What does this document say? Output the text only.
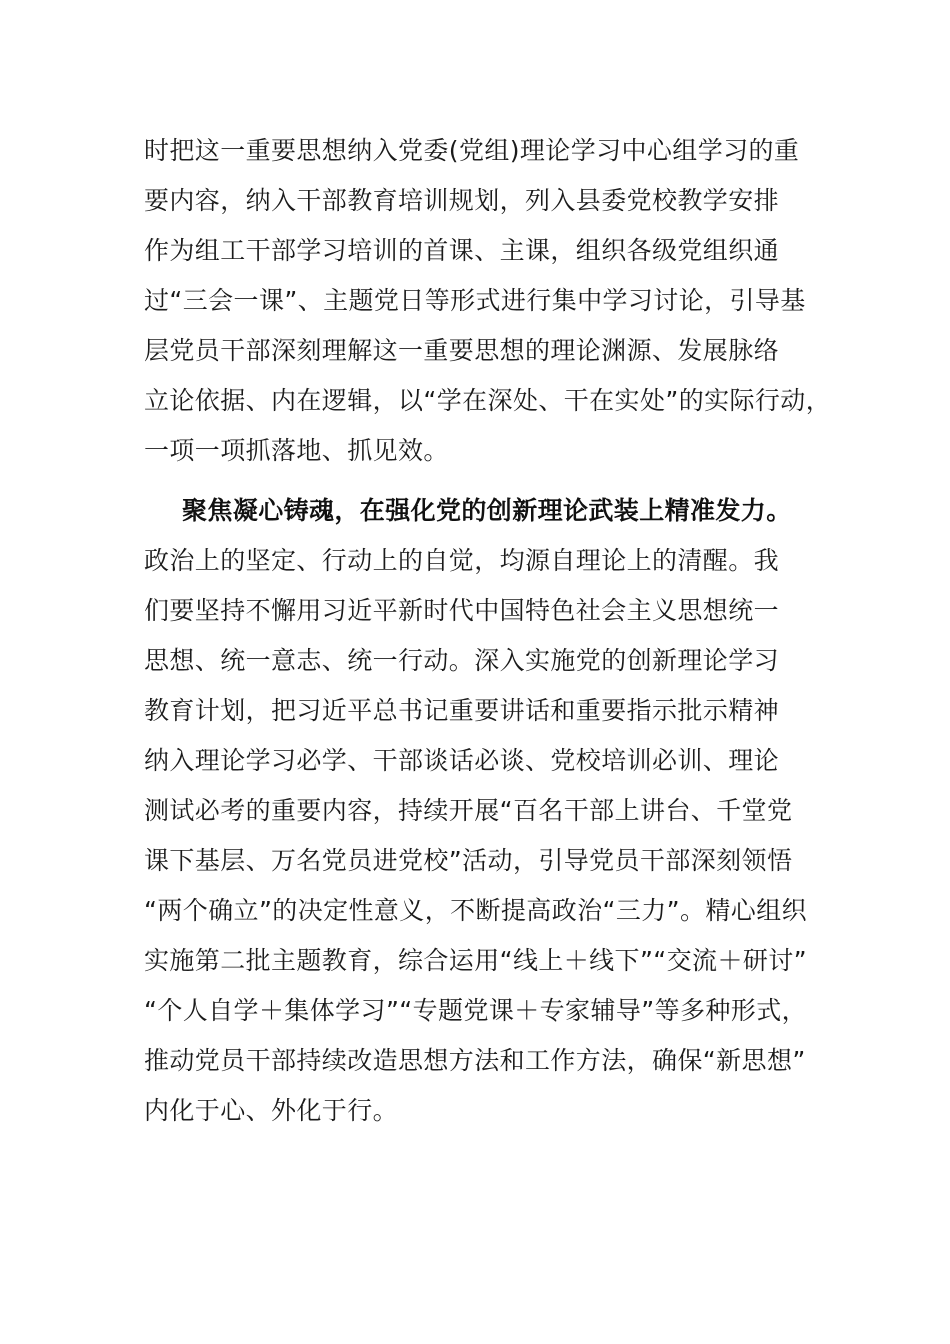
时把这一重要思想纳入党委(党组)理论学习中心组学习的重
要内容，纳入干部教育培训规划，列入县委党校教学安排
作为组工干部学习培训的首课、主课，组织各级党组织通
过“三会一课”、主题党日等形式进行集中学习讨论，引导基
层党员干部深刻理解这一重要思想的理论渊源、发展脉络
立论依据、内在逻辑，以“学在深处、干在实处”的实际行动，
一项一项抓落地、抓见效。
聚焦凝心铸魂，在强化党的创新理论武装上精准发力。
政治上的坚定、行动上的自觉，均源自理论上的清醒。我
们要坚持不懈用习近平新时代中国特色社会主义思想统一
思想、统一意志、统一行动。深入实施党的创新理论学习
教育计划，把习近平总书记重要讲话和重要指示批示精神
纳入理论学习必学、干部谈话必谈、党校培训必训、理论
测试必考的重要内容，持续开展“百名干部上讲台、千堂党
课下基层、万名党员进党校”活动，引导党员干部深刻领悟
“两个确立”的决定性意义，不断提高政治“三力”。精心组织
实施第二批主题教育，综合运用“线上＋线下”“交流＋研讨”
“个人自学＋集体学习”“专题党课＋专家辅导”等多种形式，
推动党员干部持续改造思想方法和工作方法，确保“新思想”
内化于心、外化于行。
